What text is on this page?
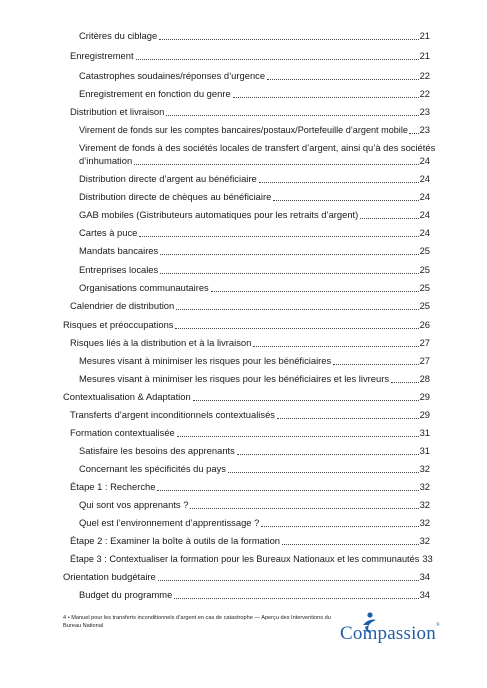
Critères du ciblage	21
Enregistrement	21
Catastrophes soudaines/réponses d’urgence	22
Enregistrement en fonction du genre	22
Distribution et livraison	23
Virement de fonds sur les comptes bancaires/postaux/Portefeuille d’argent mobile 23
Virement de fonds à des sociétés locales de transfert d’argent, ainsi qu’à des sociétés
d’inhumation	24
Distribution directe d’argent au bénéficiaire	24
Distribution directe de chèques au bénéficiaire	24
GAB mobiles (Gistributeurs automatiques pour les retraits d’argent)	24
Cartes à puce	24
Mandats bancaires	25
Entreprises locales	25
Organisations communautaires	25
Calendrier de distribution	25
Risques et préoccupations	26
Risques liés à la distribution et à la livraison	27
Mesures visant à minimiser les risques pour les bénéficiaires	27
Mesures visant à minimiser les risques pour les bénéficiaires et les livreurs	28
Contextualisation & Adaptation	29
Transferts d’argent inconditionnels contextualisés	29
Formation contextualisée	31
Satisfaire les besoins des apprenants	31
Concernant les spécificités du pays	32
Étape 1 : Recherche	32
Qui sont vos apprenants ?	32
Quel est l’environnement d’apprentissage ?	32
Étape 2 : Examiner la boîte à outils de la formation	32
Étape 3 : Contextualiser la formation pour les Bureaux Nationaux et les communautés 33
Orientation budgétaire	34
Budget du programme	34
4 • Manuel pour les transferts inconditionnels d’argent en cas de catastrophe — Aperçu des Interventions du Bureau National	Compassion®
